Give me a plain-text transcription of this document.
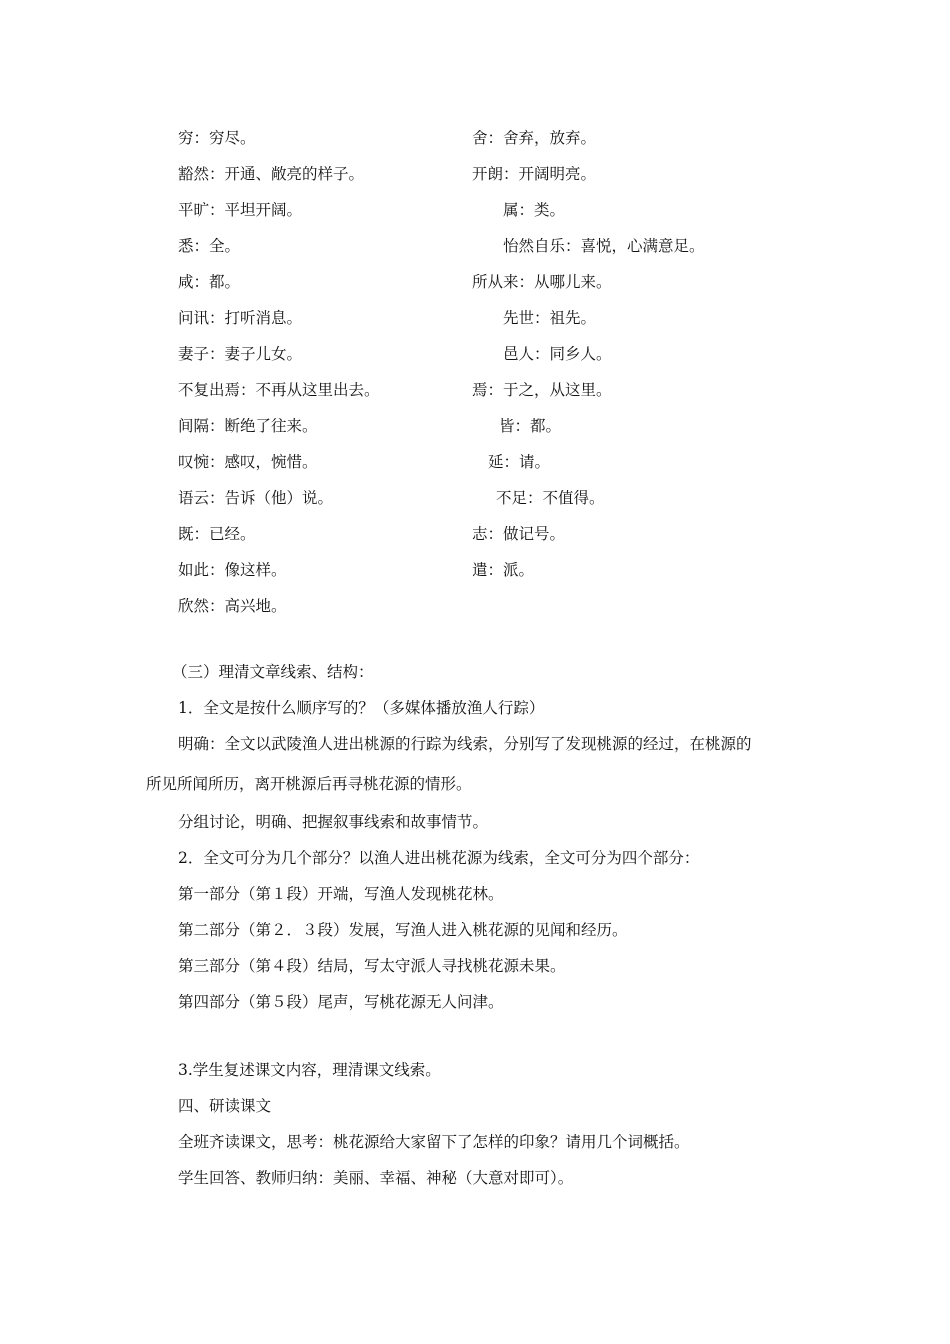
穷：穷尽。
豁然：开通、敞亮的样子。
平旷：平坦开阔。
悉：全。
咸：都。
问讯：打听消息。
妻子：妻子儿女。
不复出焉：不再从这里出去。
间隔：断绝了往来。
叹惋：感叹，惋惜。
语云：告诉（他）说。
既：已经。
如此：像这样。
欣然：高兴地。
舍：舍弃，放弃。
开朗：开阔明亮。
属：类。
怡然自乐：喜悦，心满意足。
所从来：从哪儿来。
先世：祖先。
邑人：同乡人。
焉：于之，从这里。
皆：都。
延：请。
不足：不值得。
志：做记号。
遣：派。
（三）理清文章线索、结构：
1．全文是按什么顺序写的？（多媒体播放渔人行踪）
明确：全文以武陵渔人进出桃源的行踪为线索，分别写了发现桃源的经过，在桃源的
所见所闻所历，离开桃源后再寻桃花源的情形。
分组讨论，明确、把握叙事线索和故事情节。
2．全文可分为几个部分？以渔人进出桃花源为线索，全文可分为四个部分：
第一部分（第１段）开端，写渔人发现桃花林。
第二部分（第２．３段）发展，写渔人进入桃花源的见闻和经历。
第三部分（第４段）结局，写太守派人寻找桃花源未果。
第四部分（第５段）尾声，写桃花源无人问津。
3.学生复述课文内容，理清课文线索。
四、研读课文
全班齐读课文，思考：桃花源给大家留下了怎样的印象？请用几个词概括。
学生回答、教师归纳：美丽、幸福、神秘（大意对即可）。
